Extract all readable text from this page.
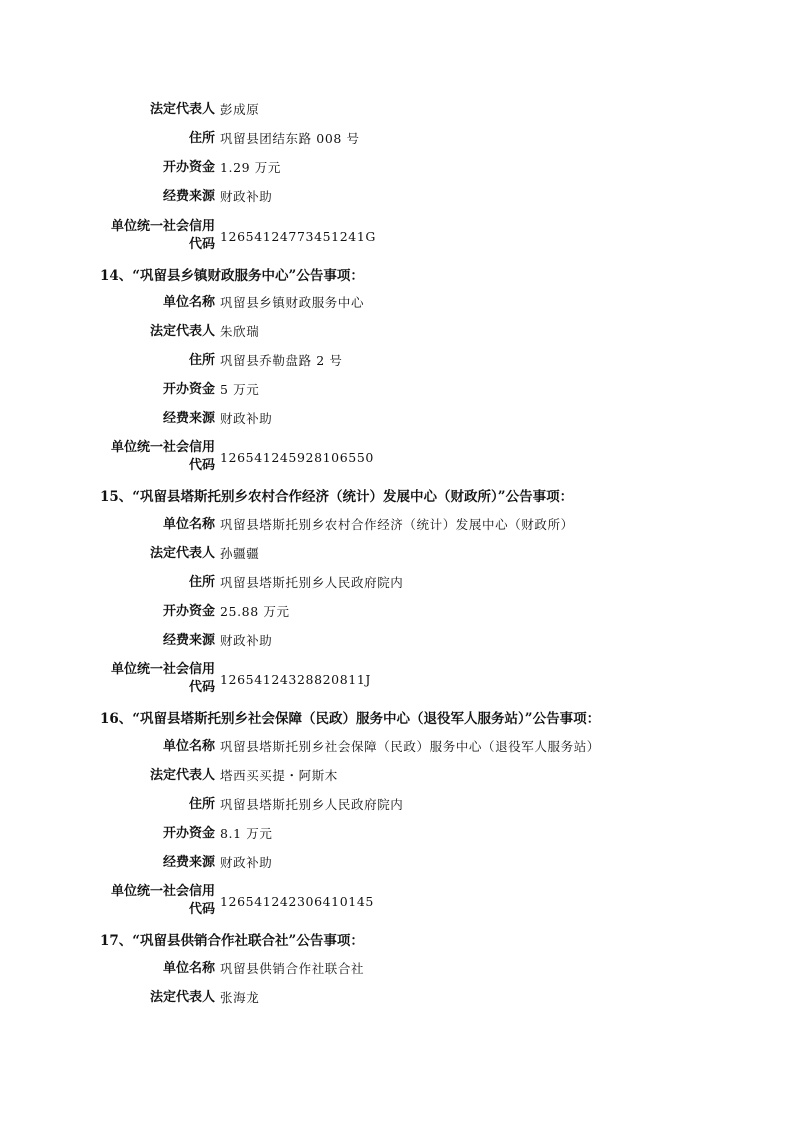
法定代表人 彭成原
住所 巩留县团结东路 008 号
开办资金 1.29 万元
经费来源 财政补助
单位统一社会信用
代码
12654124773451241G
14、“巩留县乡镇财政服务中心”公告事项：
单位名称 巩留县乡镇财政服务中心
法定代表人 朱欣瑞
住所 巩留县乔勒盘路 2 号
开办资金 5 万元
经费来源 财政补助
单位统一社会信用
代码
126541245928106550
15、“巩留县塔斯托别乡农村合作经济（统计）发展中心（财政所）”公告事项：
单位名称 巩留县塔斯托别乡农村合作经济（统计）发展中心（财政所）
法定代表人 孙疆疆
住所 巩留县塔斯托别乡人民政府院内
开办资金 25.88 万元
经费来源 财政补助
单位统一社会信用
代码
12654124328820811J
16、“巩留县塔斯托别乡社会保障（民政）服务中心（退役军人服务站）”公告事项：
单位名称 巩留县塔斯托别乡社会保障（民政）服务中心（退役军人服务站）
法定代表人 塔西买买提・阿斯木
住所 巩留县塔斯托别乡人民政府院内
开办资金 8.1 万元
经费来源 财政补助
单位统一社会信用
代码
126541242306410145
17、“巩留县供销合作社联合社”公告事项：
单位名称 巩留县供销合作社联合社
法定代表人 张海龙
